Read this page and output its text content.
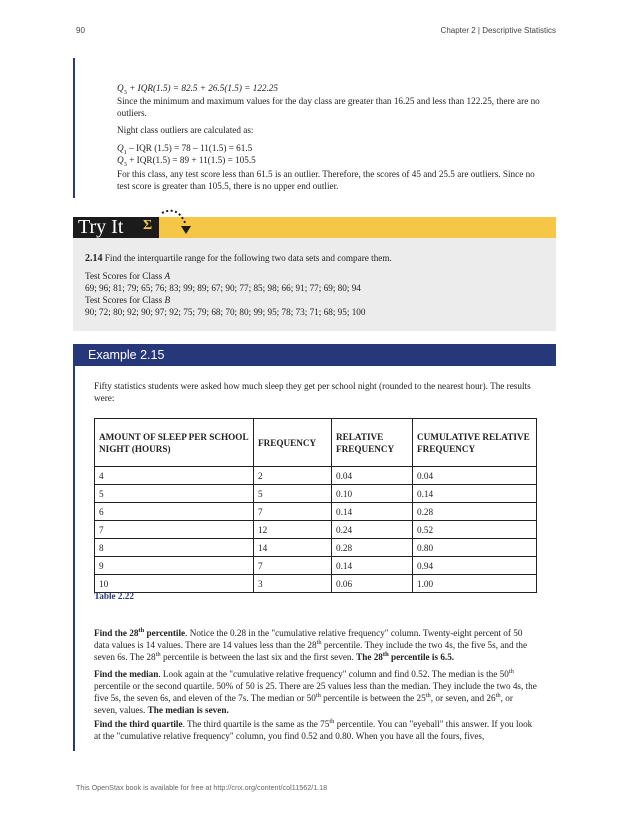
90	Chapter 2 | Descriptive Statistics
$Q_3 + IQR(1.5) = 82.5 + 26.5(1.5) = 122.25$

Since the minimum and maximum values for the day class are greater than 16.25 and less than 122.25, there are no outliers.

Night class outliers are calculated as:

$Q_1$ – IQR (1.5) = 78 – 11(1.5) = 61.5
$Q_3 + IQR(1.5) = 89 + 11(1.5) = 105.5$

For this class, any test score less than 61.5 is an outlier. Therefore, the scores of 45 and 25.5 are outliers. Since no test score is greater than 105.5, there is no upper end outlier.

Try It Σ

2.14 Find the interquartile range for the following two data sets and compare them.

Test Scores for Class A

69; 96; 81; 79; 65; 76; 83; 99; 89; 67; 90; 77; 85; 98; 66; 91; 77; 69; 80; 94

Test Scores for Class B

90; 72; 80; 92; 90; 97; 92; 75; 79; 68; 70; 80; 99; 95; 78; 73; 71; 68; 95; 100

Example 2.15

Fifty statistics students were asked how much sleep they get per school night (rounded to the nearest hour). The results were:

AMOUNT OF SLEEP PER SCHOOL NIGHT (HOURS)	FREQUENCY	RELATIVE FREQUENCY	CUMULATIVE RELATIVE FREQUENCY
4	2	0.04	0.04
5	5	0.10	0.14
6	7	0.14	0.28
7	12	0.24	0.52
8	14	0.28	0.80
9	7	0.14	0.94
10	3	0.06	1.00
Table 2.22

Find the 28th percentile. Notice the 0.28 in the "cumulative relative frequency" column. Twenty-eight percent of 50 data values is 14 values. There are 14 values less than the 28th percentile. They include the two 4s, the five 5s, and the seven 6s. The 28th percentile is between the last six and the first seven. The 28th percentile is 6.5.

Find the median. Look again at the "cumulative relative frequency" column and find 0.52. The median is the 50th percentile or the second quartile. 50% of 50 is 25. There are 25 values less than the median. They include the two 4s, the five 5s, the seven 6s, and eleven of the 7s. The median or 50th percentile is between the 25th, or seven, and 26th, or seven, values. The median is seven.

Find the third quartile. The third quartile is the same as the 75th percentile. You can "eyeball" this answer. If you look at the "cumulative relative frequency" column, you find 0.52 and 0.80. When you have all the fours, fives,

This OpenStax book is available for free at http://cnx.org/content/col11562/1.18
